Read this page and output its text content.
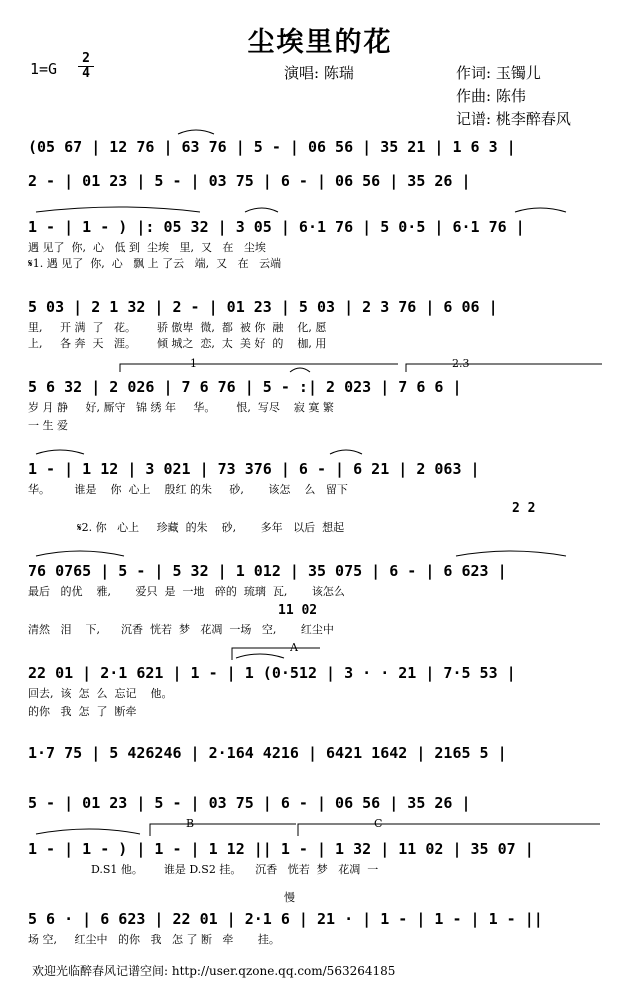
尘埃里的花
1=G
2
4	演唱: 陈瑞	作词: 玉镯儿
作曲: 陈伟
记谱: 桃李醉春风
(05 67 | 12 76 | 63 76 | 5 - | 06 56 | 35 21 | 1 6 3 |
2 - | 01 23 | 5 - | 03 75 | 6 - | 06 56 | 35 26 |
1 - | 1 - ) |: 05 32 | 3 05 | 6·1 76 | 5 0·5 | 6·1 76 |
遇 见了  你,  心   低 到  尘埃   里,  又   在   尘埃
𝄋1. 遇 见了  你,  心   飘 上 了云   端,  又   在   云端
5 03 | 2 1 32 | 2 - | 01 23 | 5 03 | 2 3 76 | 6 06 |
里,     开 满  了   花。      骄 傲卑  微,  都  被 你  融    化, 愿
上,     各 奔  天   涯。      倾 城之  恋,  太  美 好  的    枷, 用
5 6 32 | 2 026 | 7 6 76 | 5 - :| 2 023 | 7 6 6 |
岁 月 静     好, 厮守   锦 绣 年     华。      恨,  写尽    寂 寞 繁
一 生 爱
1 - | 1 12 | 3 021 | 73 376 | 6 - | 6 21 | 2 063 |
华。       谁是    你  心上    殷红 的朱     砂,       该怎    么   留下
2 2
𝄋2. 你   心上     珍藏  的朱    砂,       多年   以后  想起
76 0765 | 5 - | 5 32 | 1 012 | 35 075 | 6 - | 6 623 |
最后   的优    雅,       爱只  是  一地   碎的  琉璃  瓦,       该怎么
11 02
清然   泪    下,      沉香  恍若  梦   花凋  一场   空,       红尘中
22 01 | 2·1 621 | 1 - | 1 (0·512 | 3 · · 21 | 7·5 53 |
回去,  该  怎  么  忘记    他。
的你   我  怎  了  断牵
1·7 75 | 5 426246 | 2·164 4216 | 6421 1642 | 2165 5 |
5 - | 01 23 | 5 - | 03 75 | 6 - | 06 56 | 35 26 |
1 - | 1 - ) | 1 - | 1 12 || 1 - | 1 32 | 11 02 | 35 07 |
D.S1 他。      谁是 D.S2 挂。    沉香   恍若  梦   花凋  一
5 6 · | 6 623 | 22 01 | 2·1 6 | 21 · | 1 - | 1 - | 1 - ||
场 空,     红尘中   的你   我   怎 了 断   牵       挂。
1	2.3
A
B	C
慢
欢迎光临醉春风记谱空间: http://user.qzone.qq.com/563264185
